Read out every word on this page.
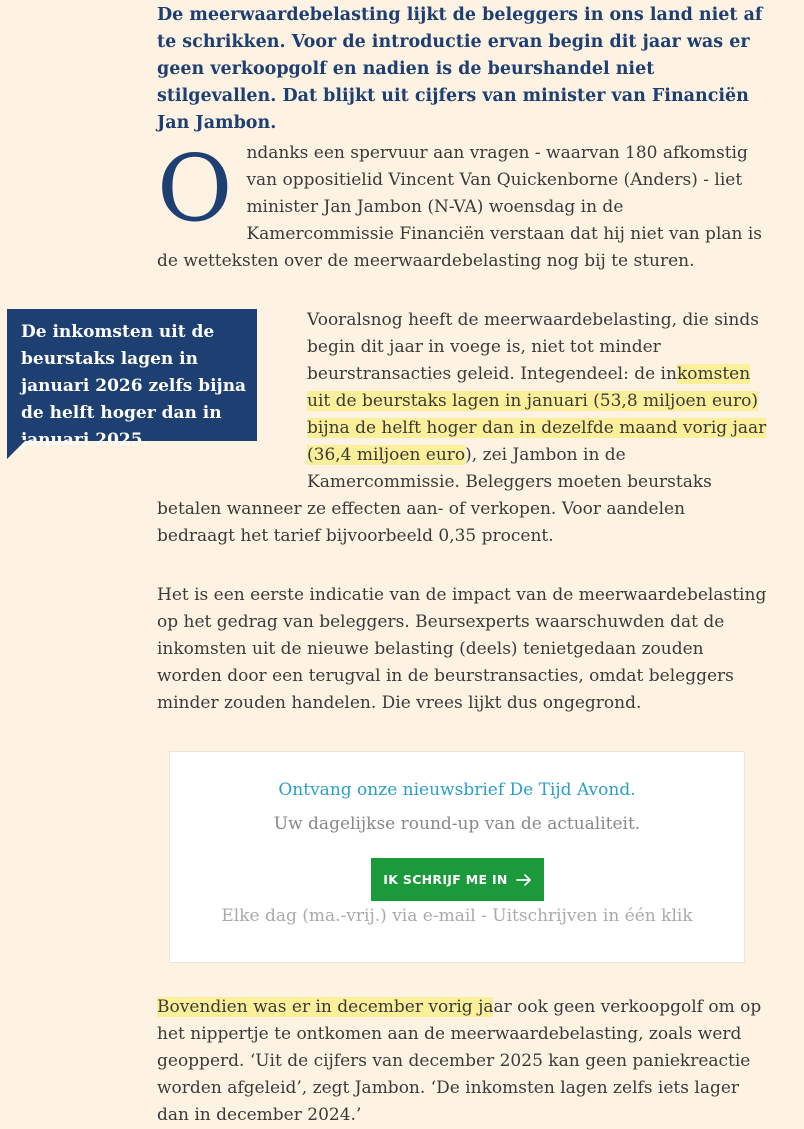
De meerwaardebelasting lijkt de beleggers in ons land niet af te schrikken. Voor de introductie ervan begin dit jaar was er geen verkoopgolf en nadien is de beurshandel niet stilgevallen. Dat blijkt uit cijfers van minister van Financiën Jan Jambon.

O ndanks een spervuur aan vragen - waarvan 180 afkomstig van oppositielid Vincent Van Quickenborne (Anders) - liet minister Jan Jambon (N-VA) woensdag in de Kamercommissie Financiën verstaan dat hij niet van plan is de wetteksten over de meerwaardebelasting nog bij te sturen.
De inkomsten uit de beurstaks lagen in januari 2026 zelfs bijna de helft hoger dan in januari 2025.
Vooralsnog heeft de meerwaardebelasting, die sinds begin dit jaar in voege is, niet tot minder beurstransacties geleid. Integendeel: de inkomsten uit de beurstaks lagen in januari (53,8 miljoen euro) bijna de helft hoger dan in dezelfde maand vorig jaar (36,4 miljoen euro), zei Jambon in de Kamercommissie. Beleggers moeten beurstaks betalen wanneer ze effecten aan- of verkopen. Voor aandelen bedraagt het tarief bijvoorbeeld 0,35 procent.

Het is een eerste indicatie van de impact van de meerwaardebelasting op het gedrag van beleggers. Beursexperts waarschuwden dat de inkomsten uit de nieuwe belasting (deels) tenietgedaan zouden worden door een terugval in de beurstransacties, omdat beleggers minder zouden handelen. Die vrees lijkt dus ongegrond.

Ontvang onze nieuwsbrief De Tijd Avond.
Uw dagelijkse round-up van de actualiteit.
IK SCHRIJF ME IN
Elke dag (ma.-vrij.) via e-mail - Uitschrijven in één klik
Bovendien was er in december vorig jaar ook geen verkoopgolf om op het nippertje te ontkomen aan de meerwaardebelasting, zoals werd geopperd. ‘Uit de cijfers van december 2025 kan geen paniekreactie worden afgeleid’, zegt Jambon. ‘De inkomsten lagen zelfs iets lager dan in december 2024.’
